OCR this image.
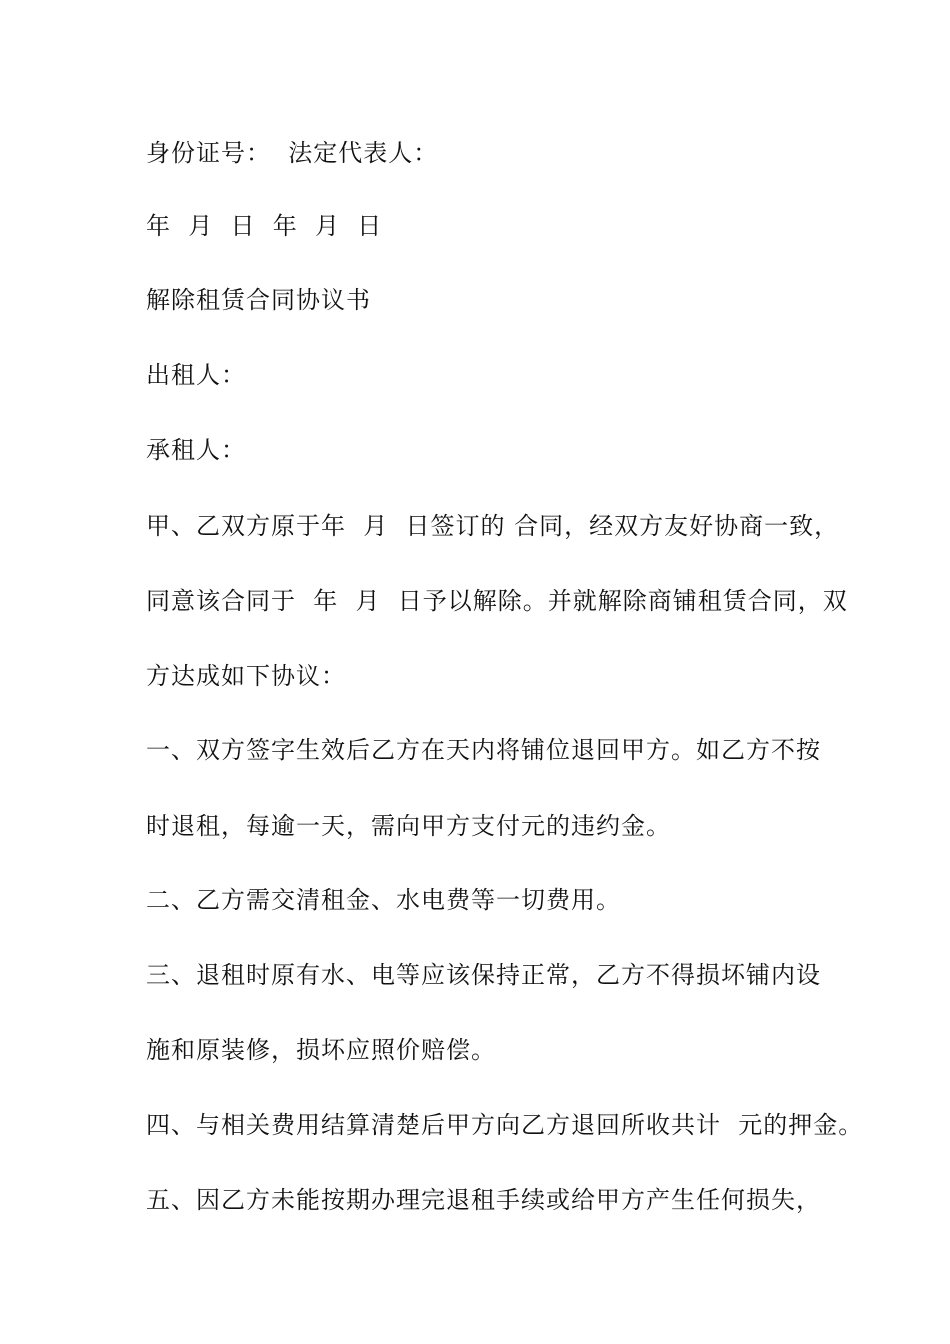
身份证号：  法定代表人：
年  月  日  年  月  日
解除租赁合同协议书
出租人：
承租人：
甲、乙双方原于年  月  日签订的 合同，经双方友好协商一致，
同意该合同于  年  月  日予以解除。并就解除商铺租赁合同，双
方达成如下协议：
一、双方签字生效后乙方在天内将铺位退回甲方。如乙方不按
时退租，每逾一天，需向甲方支付元的违约金。
二、乙方需交清租金、水电费等一切费用。
三、退租时原有水、电等应该保持正常，乙方不得损坏铺内设
施和原装修，损坏应照价赔偿。
四、与相关费用结算清楚后甲方向乙方退回所收共计  元的押金。
五、因乙方未能按期办理完退租手续或给甲方产生任何损失，
